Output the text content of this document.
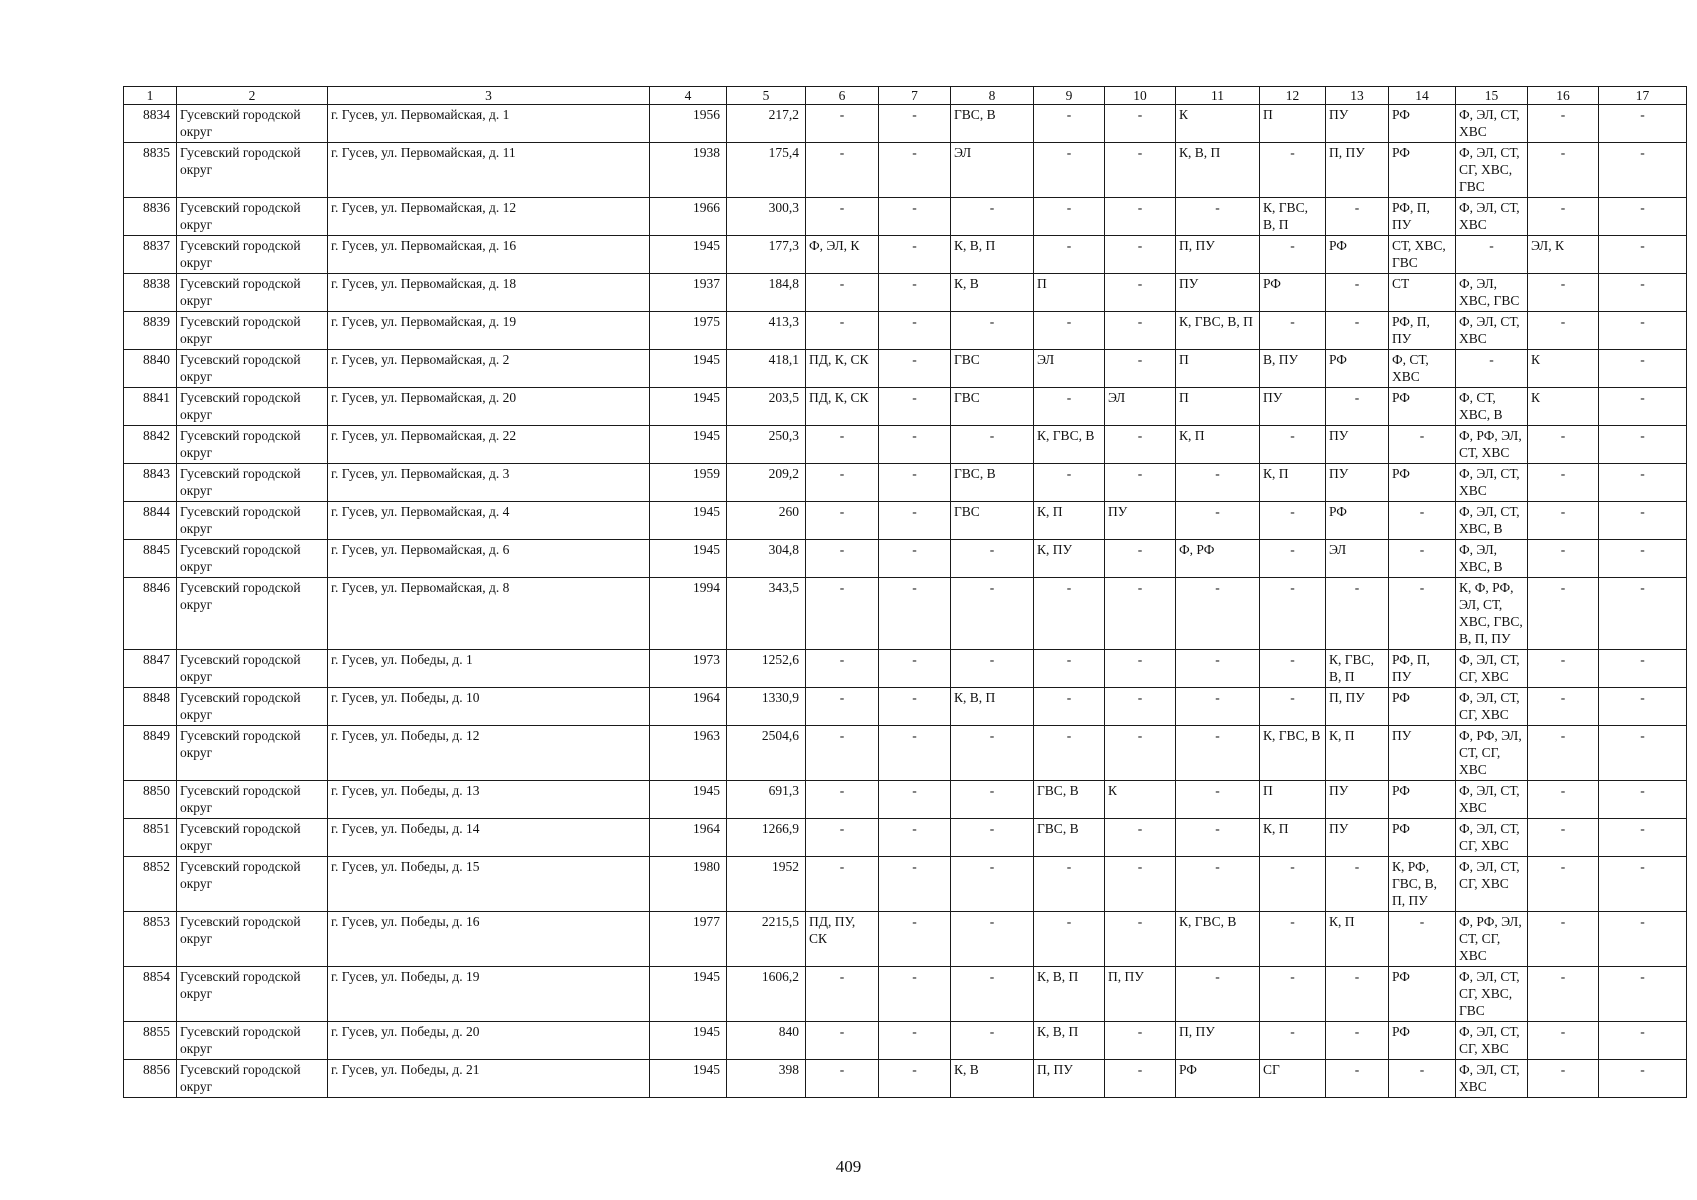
1	2	3	4	5	6	7	8	9	10	11	12	13	14	15	16	17
8834	Гусевский городской округ	г. Гусев, ул. Первомайская, д. 1	1956	217,2	-	-	ГВС, В	-	-	К	П	ПУ	РФ	Ф, ЭЛ, СТ, ХВС	-	-
8835	Гусевский городской округ	г. Гусев, ул. Первомайская, д. 11	1938	175,4	-	-	ЭЛ	-	-	К, В, П	-	П, ПУ	РФ	Ф, ЭЛ, СТ, СГ, ХВС, ГВС	-	-
8836	Гусевский городской округ	г. Гусев, ул. Первомайская, д. 12	1966	300,3	-	-	-	-	-	-	К, ГВС, В, П	-	РФ, П, ПУ	Ф, ЭЛ, СТ, ХВС	-	-
8837	Гусевский городской округ	г. Гусев, ул. Первомайская, д. 16	1945	177,3	Ф, ЭЛ, К	-	К, В, П	-	-	П, ПУ	-	РФ	СТ, ХВС, ГВС	-	ЭЛ, К	-
8838	Гусевский городской округ	г. Гусев, ул. Первомайская, д. 18	1937	184,8	-	-	К, В	П	-	ПУ	РФ	-	СТ	Ф, ЭЛ, ХВС, ГВС	-	-
8839	Гусевский городской округ	г. Гусев, ул. Первомайская, д. 19	1975	413,3	-	-	-	-	-	К, ГВС, В, П	-	-	РФ, П, ПУ	Ф, ЭЛ, СТ, ХВС	-	-
8840	Гусевский городской округ	г. Гусев, ул. Первомайская, д. 2	1945	418,1	ПД, К, СК	-	ГВС	ЭЛ	-	П	В, ПУ	РФ	Ф, СТ, ХВС	-	К	-
8841	Гусевский городской округ	г. Гусев, ул. Первомайская, д. 20	1945	203,5	ПД, К, СК	-	ГВС	-	ЭЛ	П	ПУ	-	РФ	Ф, СТ, ХВС, В	К	-
8842	Гусевский городской округ	г. Гусев, ул. Первомайская, д. 22	1945	250,3	-	-	-	К, ГВС, В	-	К, П	-	ПУ	-	Ф, РФ, ЭЛ, СТ, ХВС	-	-
8843	Гусевский городской округ	г. Гусев, ул. Первомайская, д. 3	1959	209,2	-	-	ГВС, В	-	-	-	К, П	ПУ	РФ	Ф, ЭЛ, СТ, ХВС	-	-
8844	Гусевский городской округ	г. Гусев, ул. Первомайская, д. 4	1945	260	-	-	ГВС	К, П	ПУ	-	-	РФ	-	Ф, ЭЛ, СТ, ХВС, В	-	-
8845	Гусевский городской округ	г. Гусев, ул. Первомайская, д. 6	1945	304,8	-	-	-	К, ПУ	-	Ф, РФ	-	ЭЛ	-	Ф, ЭЛ, ХВС, В	-	-
8846	Гусевский городской округ	г. Гусев, ул. Первомайская, д. 8	1994	343,5	-	-	-	-	-	-	-	-	-	К, Ф, РФ, ЭЛ, СТ, ХВС, ГВС, В, П, ПУ	-	-
8847	Гусевский городской округ	г. Гусев, ул. Победы, д. 1	1973	1252,6	-	-	-	-	-	-	-	К, ГВС, В, П	РФ, П, ПУ	Ф, ЭЛ, СТ, СГ, ХВС	-	-
8848	Гусевский городской округ	г. Гусев, ул. Победы, д. 10	1964	1330,9	-	-	К, В, П	-	-	-	-	П, ПУ	РФ	Ф, ЭЛ, СТ, СГ, ХВС	-	-
8849	Гусевский городской округ	г. Гусев, ул. Победы, д. 12	1963	2504,6	-	-	-	-	-	-	К, ГВС, В	К, П	ПУ	Ф, РФ, ЭЛ, СТ, СГ, ХВС	-	-
8850	Гусевский городской округ	г. Гусев, ул. Победы, д. 13	1945	691,3	-	-	-	ГВС, В	К	-	П	ПУ	РФ	Ф, ЭЛ, СТ, ХВС	-	-
8851	Гусевский городской округ	г. Гусев, ул. Победы, д. 14	1964	1266,9	-	-	-	ГВС, В	-	-	К, П	ПУ	РФ	Ф, ЭЛ, СТ, СГ, ХВС	-	-
8852	Гусевский городской округ	г. Гусев, ул. Победы, д. 15	1980	1952	-	-	-	-	-	-	-	-	К, РФ, ГВС, В, П, ПУ	Ф, ЭЛ, СТ, СГ, ХВС	-	-
8853	Гусевский городской округ	г. Гусев, ул. Победы, д. 16	1977	2215,5	ПД, ПУ, СК	-	-	-	-	К, ГВС, В	-	К, П	-	Ф, РФ, ЭЛ, СТ, СГ, ХВС	-	-
8854	Гусевский городской округ	г. Гусев, ул. Победы, д. 19	1945	1606,2	-	-	-	К, В, П	П, ПУ	-	-	-	РФ	Ф, ЭЛ, СТ, СГ, ХВС, ГВС	-	-
8855	Гусевский городской округ	г. Гусев, ул. Победы, д. 20	1945	840	-	-	-	К, В, П	-	П, ПУ	-	-	РФ	Ф, ЭЛ, СТ, СГ, ХВС	-	-
8856	Гусевский городской округ	г. Гусев, ул. Победы, д. 21	1945	398	-	-	К, В	П, ПУ	-	РФ	СГ	-	-	Ф, ЭЛ, СТ, ХВС	-	-
409
